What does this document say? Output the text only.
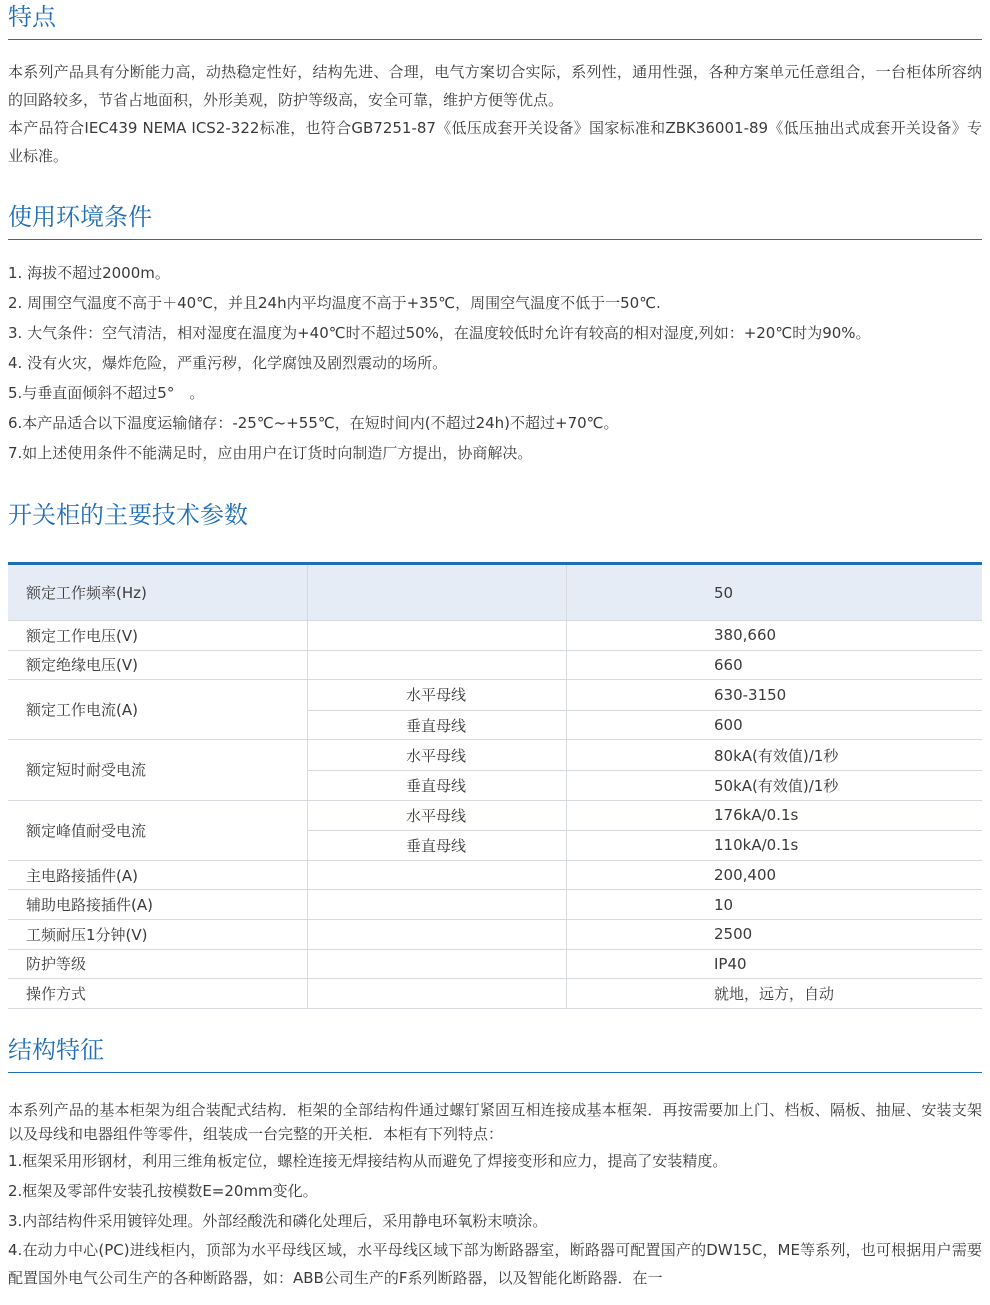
特点

本系列产品具有分断能力高，动热稳定性好，结构先进、合理，电气方案切合实际，系列性，通用性强，各种方案单元任意组合，一台柜体所容纳的回路较多，节省占地面积，外形美观，防护等级高，安全可靠，维护方便等优点。

本产品符合IEC439 NEMA ICS2-322标准，也符合GB7251-87《低压成套开关设备》国家标准和ZBK36001-89《低压抽出式成套开关设备》专业标准。

使用环境条件

1. 海拔不超过2000m。

2. 周围空气温度不高于＋40℃，并且24h内平均温度不高于+35℃，周围空气温度不低于一50℃.

3. 大气条件：空气清洁，相对湿度在温度为+40℃时不超过50%，在温度较低时允许有较高的相对湿度,列如：+20℃时为90%。

4. 没有火灾，爆炸危险，严重污秽，化学腐蚀及剧烈震动的场所。

5.与垂直面倾斜不超过5°　。

6.本产品适合以下温度运输储存：-25℃~+55℃，在短时间内(不超过24h)不超过+70℃。

7.如上述使用条件不能满足时，应由用户在订货时向制造厂方提出，协商解决。

开关柜的主要技术参数
额定工作频率(Hz)	50
额定工作电压(V)	380,660
额定绝缘电压(V)	660
额定工作电流(A)
水平母线	630-3150
垂直母线	600
额定短时耐受电流
水平母线	80kA(有效值)/1秒
垂直母线	50kA(有效值)/1秒
额定峰值耐受电流
水平母线	176kA/0.1s
垂直母线	110kA/0.1s
主电路接插件(A)	200,400
辅助电路接插件(A)	10
工频耐压1分钟(V)	2500
防护等级	IP40
操作方式	就地，远方，自动
结构特征

本系列产品的基本柜架为组合装配式结构．柜架的全部结构件通过螺钉紧固互相连接成基本框架．再按需要加上门、档板、隔板、抽屉、安装支架以及母线和电器组件等零件，组装成一台完整的开关柜．本柜有下列特点：

1.框架采用形钢材，利用三维角板定位，螺栓连接无焊接结构从而避免了焊接变形和应力，提高了安装精度。

2.框架及零部件安装孔按模数E=20mm变化。

3.内部结构件采用镀锌处理。外部经酸洗和磷化处理后，采用静电环氧粉末喷涂。

4.在动力中心(PC)进线柜内，顶部为水平母线区域，水平母线区域下部为断路器室，断路器可配置国产的DW15C，ME等系列，也可根据用户需要配置国外电气公司生产的各种断路器，如：ABB公司生产的F系列断路器，以及智能化断路器．在一
